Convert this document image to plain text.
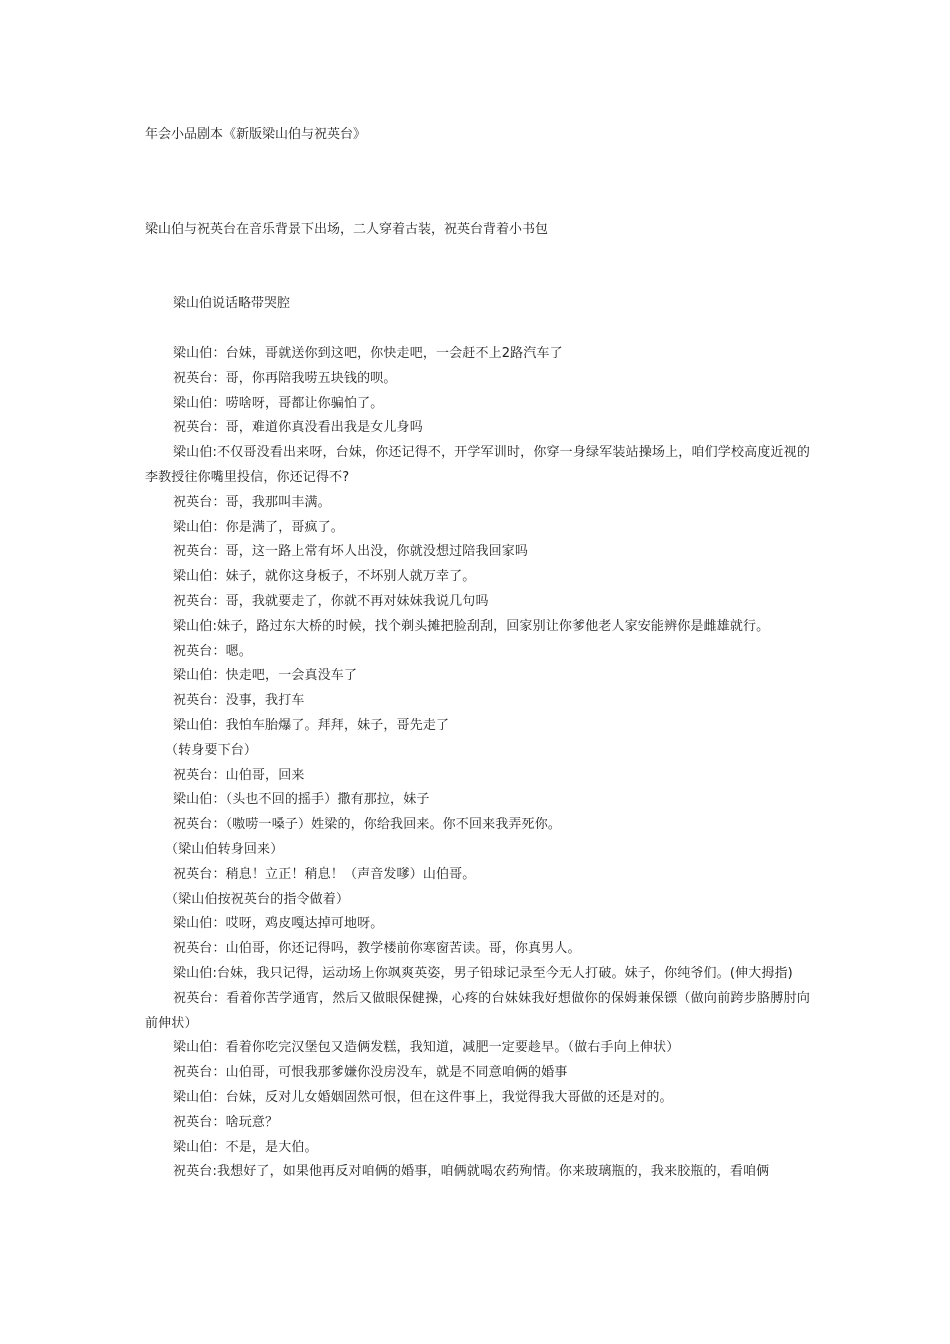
年会小品剧本《新版梁山伯与祝英台》
梁山伯与祝英台在音乐背景下出场，二人穿着古装，祝英台背着小书包
梁山伯说话略带哭腔

梁山伯：台妹，哥就送你到这吧，你快走吧，一会赶不上2路汽车了

祝英台：哥，你再陪我唠五块钱的呗。

梁山伯：唠啥呀，哥都让你骗怕了。

祝英台：哥，难道你真没看出我是女儿身吗

梁山伯:不仅哥没看出来呀，台妹，你还记得不，开学军训时，你穿一身绿军装站操场上，咱们学校高度近视的李教授往你嘴里投信，你还记得不?

祝英台：哥，我那叫丰满。

梁山伯：你是满了，哥疯了。

祝英台：哥，这一路上常有坏人出没，你就没想过陪我回家吗

梁山伯：妹子，就你这身板子，不坏别人就万幸了。

祝英台：哥，我就要走了，你就不再对妹妹我说几句吗

梁山伯:妹子，路过东大桥的时候，找个剃头摊把脸刮刮，回家别让你爹他老人家安能辨你是雌雄就行。

祝英台：嗯。

梁山伯：快走吧，一会真没车了

祝英台：没事，我打车

梁山伯：我怕车胎爆了。拜拜，妹子，哥先走了

（转身要下台）

祝英台：山伯哥，回来

梁山伯：（头也不回的摇手）撒有那拉，妹子

祝英台：（嗷唠一嗓子）姓梁的，你给我回来。你不回来我弄死你。

（梁山伯转身回来）

祝英台：稍息！立正！稍息！（声音发嗲）山伯哥。

（梁山伯按祝英台的指令做着）

梁山伯：哎呀，鸡皮嘎达掉可地呀。

祝英台：山伯哥，你还记得吗，教学楼前你寒窗苦读。哥，你真男人。

梁山伯:台妹，我只记得，运动场上你飒爽英姿，男子铅球记录至今无人打破。妹子，你纯爷们。(伸大拇指)

祝英台：看着你苦学通宵，然后又做眼保健操，心疼的台妹妹我好想做你的保姆兼保镖（做向前跨步胳膊肘向前伸状）

梁山伯：看着你吃完汉堡包又造俩发糕，我知道，减肥一定要趁早。（做右手向上伸状）

祝英台：山伯哥，可恨我那爹嫌你没房没车，就是不同意咱俩的婚事

梁山伯：台妹，反对儿女婚姻固然可恨，但在这件事上，我觉得我大哥做的还是对的。

祝英台：啥玩意？

梁山伯：不是，是大伯。

祝英台:我想好了，如果他再反对咱俩的婚事，咱俩就喝农药殉情。你来玻璃瓶的，我来胶瓶的，看咱俩
